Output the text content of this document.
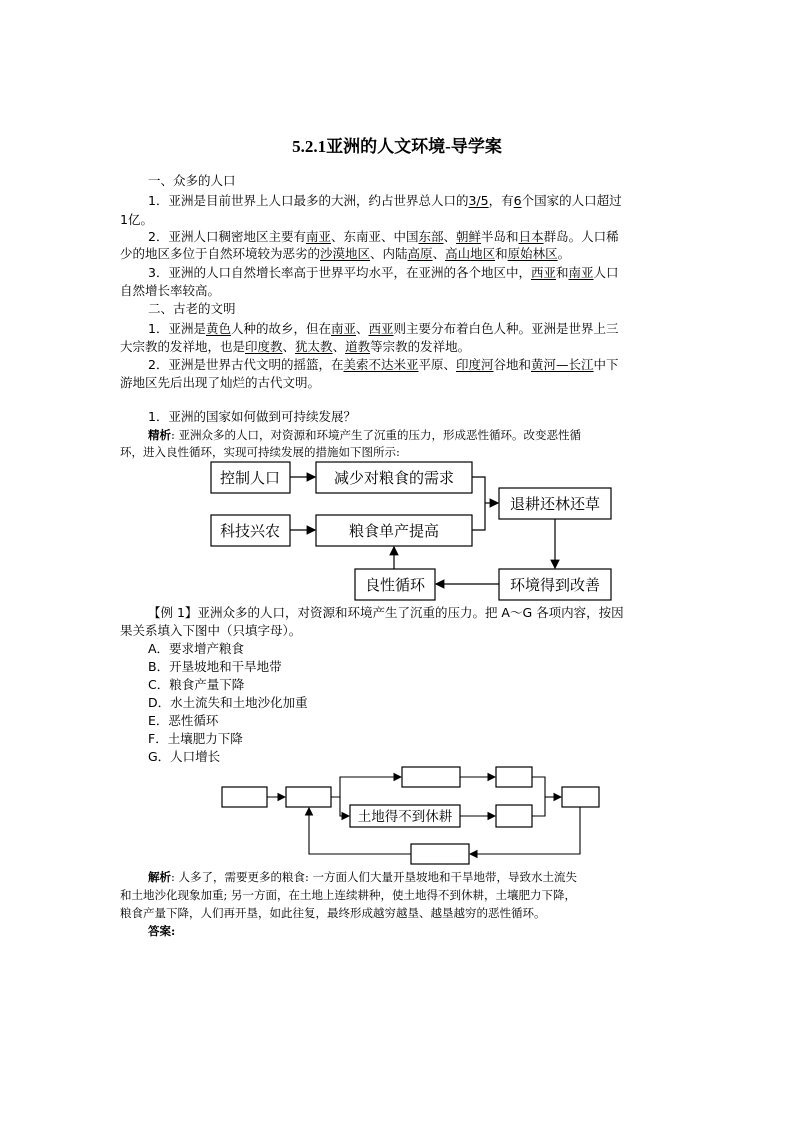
5.2.1亚洲的人文环境-导学案
一、众多的人口
1．亚洲是目前世界上人口最多的大洲，约占世界总人口的3/5，有6个国家的人口超过
1亿。
2．亚洲人口稠密地区主要有南亚、东南亚、中国东部、朝鲜半岛和日本群岛。人口稀
少的地区多位于自然环境较为恶劣的沙漠地区、内陆高原、高山地区和原始林区。
3．亚洲的人口自然增长率高于世界平均水平，在亚洲的各个地区中，西亚和南亚人口
自然增长率较高。
二、古老的文明
1．亚洲是黄色人种的故乡，但在南亚、西亚则主要分布着白色人种。亚洲是世界上三
大宗教的发祥地，也是印度教、犹太教、道教等宗教的发祥地。
2．亚洲是世界古代文明的摇篮，在美索不达米亚平原、印度河谷地和黄河—长江中下
游地区先后出现了灿烂的古代文明。
1．亚洲的国家如何做到可持续发展？
精析: 亚洲众多的人口，对资源和环境产生了沉重的压力，形成恶性循环。改变恶性循
环，进入良性循环，实现可持续发展的措施如下图所示:
控制人口	减少对粮食的需求
退耕还林还草
科技兴农	粮食单产提高
良性循环	环境得到改善
土地得不到休耕
【例 1】亚洲众多的人口，对资源和环境产生了沉重的压力。把 A～G 各项内容，按因
果关系填入下图中（只填字母）。
A．要求增产粮食
B．开垦坡地和干旱地带
C．粮食产量下降
D．水土流失和土地沙化加重
E．恶性循环
F．土壤肥力下降
G．人口增长
解析: 人多了，需要更多的粮食: 一方面人们大量开垦坡地和干旱地带，导致水土流失
和土地沙化现象加重; 另一方面，在土地上连续耕种，使土地得不到休耕，土壤肥力下降，
粮食产量下降，人们再开垦，如此往复，最终形成越穷越垦、越垦越穷的恶性循环。
答案:
